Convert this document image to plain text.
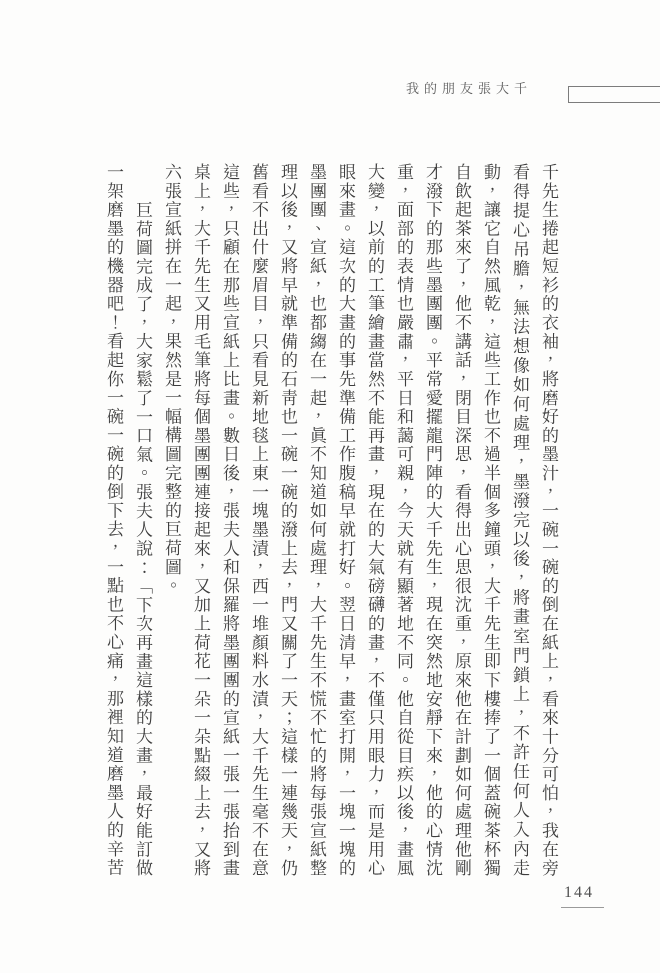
我的朋友張大千

千先生捲起短衫的衣袖，將磨好的墨汁，一碗一碗的倒在紙上，看來十分可怕，我在旁看得提心吊膽，無法想像如何處理，墨潑完以後，將畫室門鎖上，不許任何人入內走動，讓它自然風乾，這些工作也不過半個多鐘頭，大千先生即下樓捧了一個蓋碗茶杯獨自飲起茶來了，他不講話，閉目深思，看得出心思很沈重，原來他在計劃如何處理他剛才潑下的那些墨團團。平常愛擺龍門陣的大千先生，現在突然地安靜下來，他的心情沈重，面部的表情也嚴肅，平日和藹可親，今天就有顯著地不同。他自從目疾以後，畫風大變，以前的工筆繪畫當然不能再畫，現在的大氣磅礴的畫，不僅只用眼力，而是用心眼來畫。這次的大畫的事先準備工作腹稿早就打好。翌日清早，畫室打開，一塊一塊的墨團團、宣紙，也都縐在一起，眞不知道如何處理，大千先生不慌不忙的將每張宣紙整理以後，又將早就準備的石靑也一碗一碗的潑上去，門又關了一天；這樣一連幾天，仍舊看不出什麼眉目，只看見新地毯上東一塊墨漬，西一堆顏料水漬，大千先生毫不在意這些，只顧在那些宣紙上比畫。數日後，張夫人和保羅將墨團團的宣紙一張一張抬到畫桌上，大千先生又用毛筆將每個墨團團連接起來，又加上荷花一朵一朵點綴上去，又將六張宣紙拼在一起，果然是一幅構圖完整的巨荷圖。

巨荷圖完成了，大家鬆了一口氣。張夫人說：「下次再畫這樣的大畫，最好能訂做一架磨墨的機器吧！看起你一碗一碗的倒下去，一點也不心痛，那裡知道磨墨人的辛苦

144
